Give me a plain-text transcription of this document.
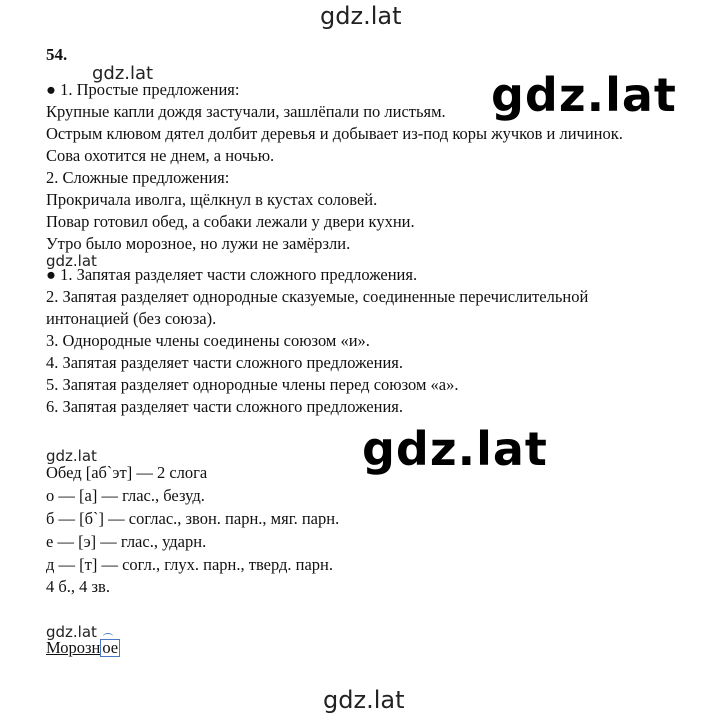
gdz.lat
gdz.lat
gdz.lat
54.
● 1. Простые предложения:
Крупные капли дождя застучали, зашлёпали по листьям.
Острым клювом дятел долбит деревья и добывает из-под коры жучков и личинок.
Сова охотится не днем, а ночью.
2. Сложные предложения:
Прокричала иволга, щёлкнул в кустах соловей.
Повар готовил обед, а собаки лежали у двери кухни.
Утро было морозное, но лужи не замёрзли.
gdz.lat
● 1. Запятая разделяет части сложного предложения.
2. Запятая разделяет однородные сказуемые, соединенные перечислительной
интонацией (без союза).
3. Однородные члены соединены союзом «и».
4. Запятая разделяет части сложного предложения.
5. Запятая разделяет однородные члены перед союзом «а».
6. Запятая разделяет части сложного предложения.
gdz.lat
gdz.lat
Обед [аб`эт] — 2 слога
о — [а] — глас., безуд.
б — [б`] — соглас., звон. парн., мяг. парн.
е — [э] — глас., ударн.
д — [т] — согл., глух. парн., тверд. парн.
4 б., 4 зв.
gdz.lat
Морозн ое
gdz.lat
